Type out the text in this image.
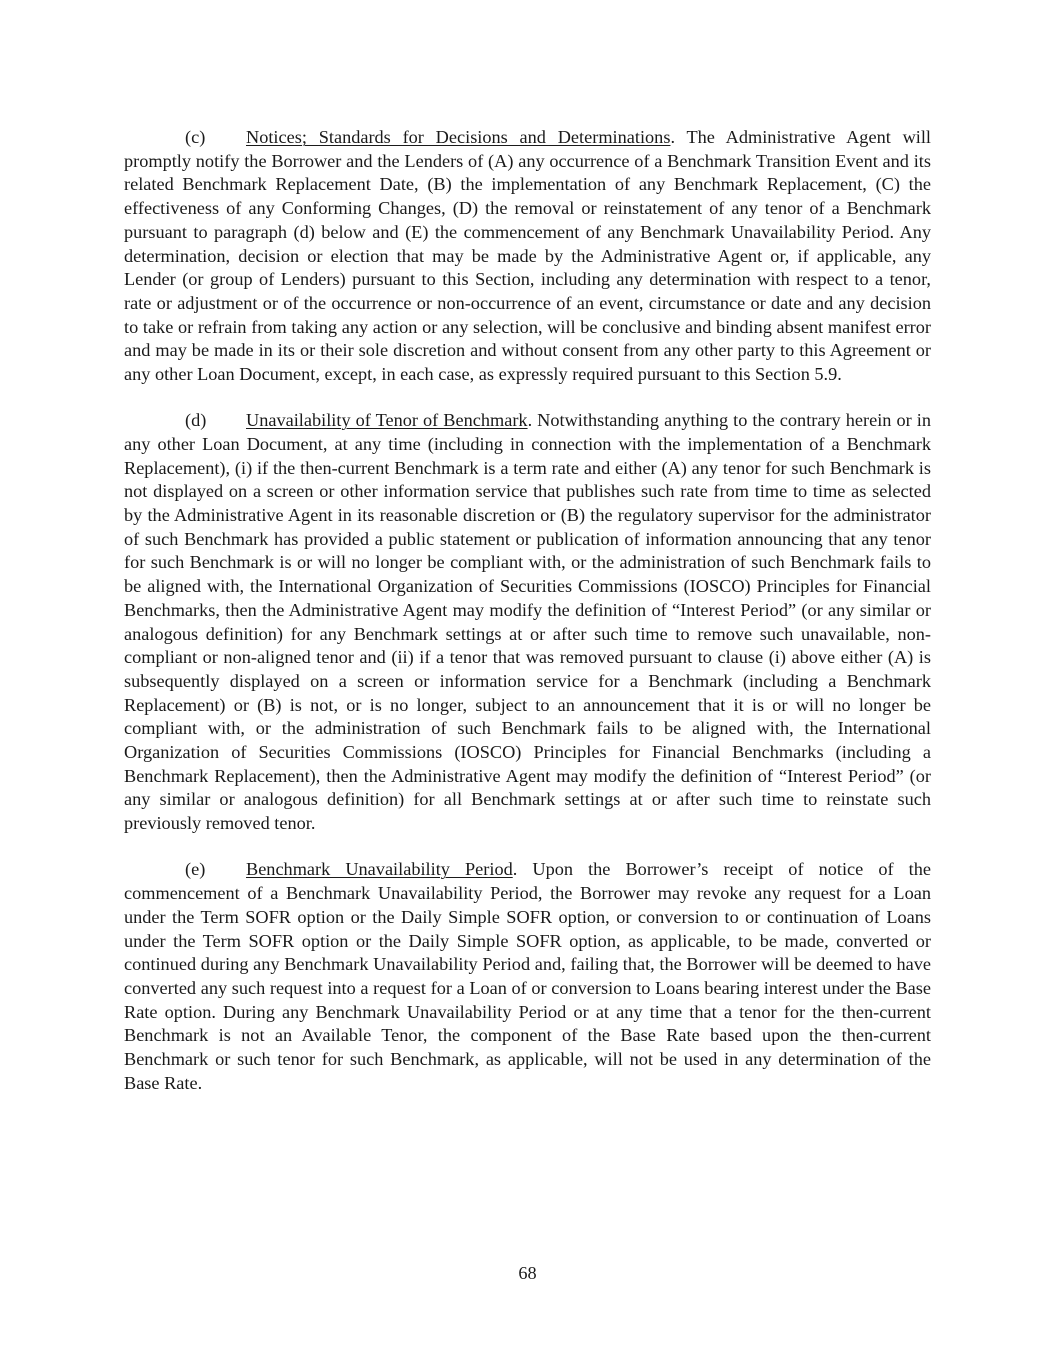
(c) Notices; Standards for Decisions and Determinations. The Administrative Agent will promptly notify the Borrower and the Lenders of (A) any occurrence of a Benchmark Transition Event and its related Benchmark Replacement Date, (B) the implementation of any Benchmark Replacement, (C) the effectiveness of any Conforming Changes, (D) the removal or reinstatement of any tenor of a Benchmark pursuant to paragraph (d) below and (E) the commencement of any Benchmark Unavailability Period. Any determination, decision or election that may be made by the Administrative Agent or, if applicable, any Lender (or group of Lenders) pursuant to this Section, including any determination with respect to a tenor, rate or adjustment or of the occurrence or non-occurrence of an event, circumstance or date and any decision to take or refrain from taking any action or any selection, will be conclusive and binding absent manifest error and may be made in its or their sole discretion and without consent from any other party to this Agreement or any other Loan Document, except, in each case, as expressly required pursuant to this Section 5.9.

(d) Unavailability of Tenor of Benchmark. Notwithstanding anything to the contrary herein or in any other Loan Document, at any time (including in connection with the implementation of a Benchmark Replacement), (i) if the then-current Benchmark is a term rate and either (A) any tenor for such Benchmark is not displayed on a screen or other information service that publishes such rate from time to time as selected by the Administrative Agent in its reasonable discretion or (B) the regulatory supervisor for the administrator of such Benchmark has provided a public statement or publication of information announcing that any tenor for such Benchmark is or will no longer be compliant with, or the administration of such Benchmark fails to be aligned with, the International Organization of Securities Commissions (IOSCO) Principles for Financial Benchmarks, then the Administrative Agent may modify the definition of “Interest Period” (or any similar or analogous definition) for any Benchmark settings at or after such time to remove such unavailable, non-compliant or non-aligned tenor and (ii) if a tenor that was removed pursuant to clause (i) above either (A) is subsequently displayed on a screen or information service for a Benchmark (including a Benchmark Replacement) or (B) is not, or is no longer, subject to an announcement that it is or will no longer be compliant with, or the administration of such Benchmark fails to be aligned with, the International Organization of Securities Commissions (IOSCO) Principles for Financial Benchmarks (including a Benchmark Replacement), then the Administrative Agent may modify the definition of “Interest Period” (or any similar or analogous definition) for all Benchmark settings at or after such time to reinstate such previously removed tenor.

(e) Benchmark Unavailability Period. Upon the Borrower’s receipt of notice of the commencement of a Benchmark Unavailability Period, the Borrower may revoke any request for a Loan under the Term SOFR option or the Daily Simple SOFR option, or conversion to or continuation of Loans under the Term SOFR option or the Daily Simple SOFR option, as applicable, to be made, converted or continued during any Benchmark Unavailability Period and, failing that, the Borrower will be deemed to have converted any such request into a request for a Loan of or conversion to Loans bearing interest under the Base Rate option. During any Benchmark Unavailability Period or at any time that a tenor for the then-current Benchmark is not an Available Tenor, the component of the Base Rate based upon the then-current Benchmark or such tenor for such Benchmark, as applicable, will not be used in any determination of the Base Rate.

68
